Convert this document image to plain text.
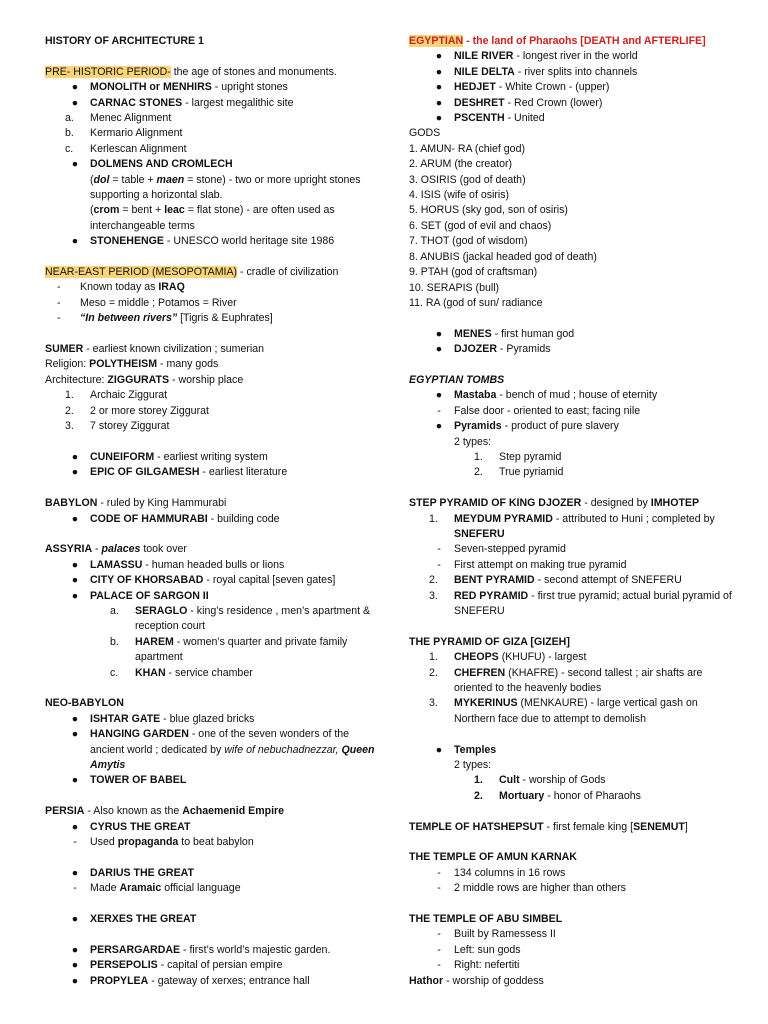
HISTORY OF ARCHITECTURE 1

PRE- HISTORIC PERIOD- the age of stones and monuments.

●	MONOLITH or MENHIRS - upright stones
●	CARNAC STONES - largest megalithic site
a.	Menec Alignment
b.	Kermario Alignment
c.	Kerlescan Alignment
●	DOLMENS AND CROMLECH
(dol = table + maen = stone) - two or more upright stones supporting a horizontal slab.
(crom = bent + leac = flat stone) - are often used as interchangeable terms
●	STONEHENGE - UNESCO world heritage site 1986

NEAR-EAST PERIOD (MESOPOTAMIA) - cradle of civilization

-	Known today as IRAQ
-	Meso = middle ; Potamos = River
-	“In between rivers” [Tigris & Euphrates]

SUMER - earliest known civilization ; sumerian

Religion: POLYTHEISM - many gods

Architecture: ZIGGURATS - worship place

1.	Archaic Ziggurat
2.	2 or more storey Ziggurat
3.	7 storey Ziggurat
●	CUNEIFORM - earliest writing system
●	EPIC OF GILGAMESH - earliest literature

BABYLON - ruled by King Hammurabi

●	CODE OF HAMMURABI - building code

ASSYRIA - palaces took over

●	LAMASSU - human headed bulls or lions
●	CITY OF KHORSABAD - royal capital [seven gates]
●	PALACE OF SARGON II
a.	SERAGLO - king’s residence , men’s apartment & reception court
b.	HAREM - women’s quarter and private family apartment
c.	KHAN - service chamber

NEO-BABYLON

●	ISHTAR GATE - blue glazed bricks
●	HANGING GARDEN - one of the seven wonders of the ancient world ; dedicated by wife of nebuchadnezzar, Queen Amytis
●	TOWER OF BABEL

PERSIA - Also known as the Achaemenid Empire

●	CYRUS THE GREAT
-	Used propaganda to beat babylon
●	DARIUS THE GREAT
-	Made Aramaic official language
●	XERXES THE GREAT
●	PERSARGARDAE - first’s world’s majestic garden.
●	PERSEPOLIS - capital of persian empire
●	PROPYLEA - gateway of xerxes; entrance hall

EGYPTIAN - the land of Pharaohs [DEATH and AFTERLIFE]

●	NILE RIVER - longest river in the world
●	NILE DELTA - river splits into channels
●	HEDJET - White Crown - (upper)
●	DESHRET - Red Crown (lower)
●	PSCENTH - United

GODS

1. AMUN- RA (chief god)

2. ARUM (the creator)

3. OSIRIS (god of death)

4. ISIS (wife of osiris)

5. HORUS (sky god, son of osiris)

6. SET (god of evil and chaos)

7. THOT (god of wisdom)

8. ANUBIS (jackal headed god of death)

9. PTAH (god of craftsman)

10. SERAPIS (bull)

11. RA (god of sun/ radiance

●	MENES - first human god
●	DJOZER - Pyramids

EGYPTIAN TOMBS

●	Mastaba - bench of mud ; house of eternity
-	False door - oriented to east; facing nile
●	Pyramids - product of pure slavery
2 types:
1.	Step pyramid
2.	True pyriamid

STEP PYRAMID OF KING DJOZER - designed by IMHOTEP

1.	MEYDUM PYRAMID - attributed to Huni ; completed by SNEFERU
-	Seven-stepped pyramid
-	First attempt on making true pyramid
2.	BENT PYRAMID - second attempt of SNEFERU
3.	RED PYRAMID - first true pyramid; actual burial pyramid of SNEFERU

THE PYRAMID OF GIZA [GIZEH]

1.	CHEOPS (KHUFU) - largest
2.	CHEFREN (KHAFRE) - second tallest ; air shafts are oriented to the heavenly bodies
3.	MYKERINUS (MENKAURE) - large vertical gash on Northern face due to attempt to demolish
●	Temples
2 types:
1.	Cult - worship of Gods
2.	Mortuary - honor of Pharaohs

TEMPLE OF HATSHEPSUT - first female king [SENEMUT]

THE TEMPLE OF AMUN KARNAK

-	134 columns in 16 rows
-	2 middle rows are higher than others

THE TEMPLE OF ABU SIMBEL

-	Built by Ramessess II
-	Left: sun gods
-	Right: nefertiti

Hathor - worship of goddess
